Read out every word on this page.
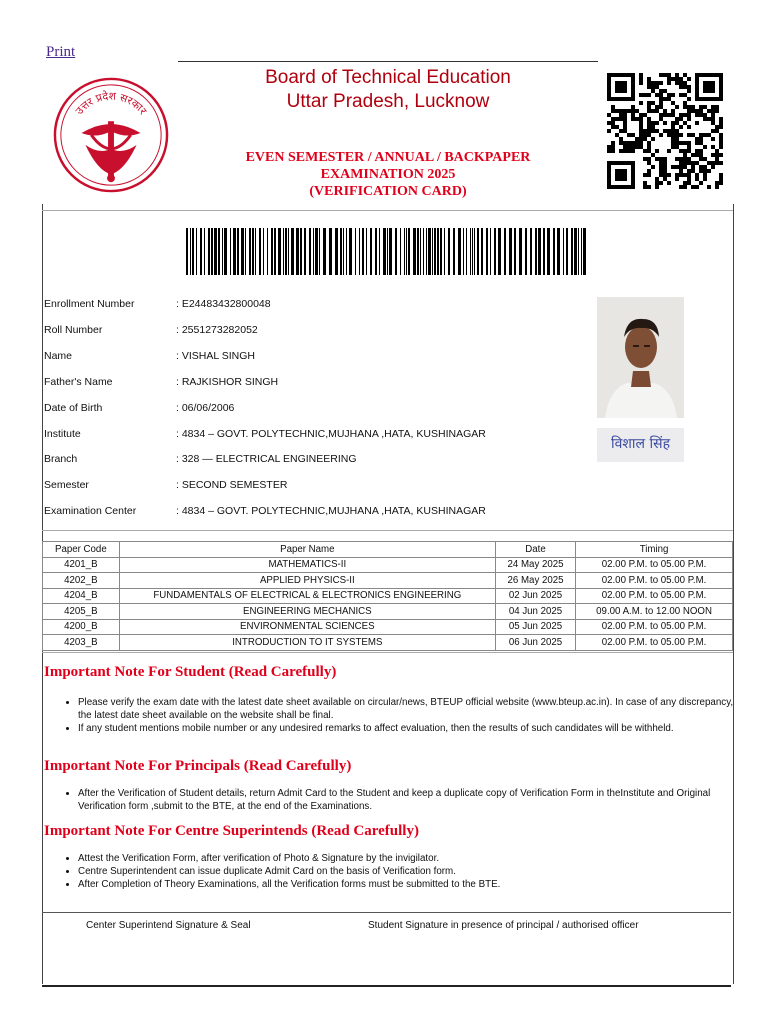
Print
उत्तर प्रदेश सरकार
Board of Technical Education
Uttar Pradesh, Lucknow
EVEN SEMESTER / ANNUAL / BACKPAPER
EXAMINATION 2025
(VERIFICATION CARD)
Enrollment Number	: E24483432800048
Roll Number	: 2551273282052
Name	: VISHAL SINGH
Father's Name	: RAJKISHOR SINGH
Date of Birth	: 06/06/2006
Institute	: 4834 – GOVT. POLYTECHNIC,MUJHANA ,HATA, KUSHINAGAR
Branch	: 328 — ELECTRICAL ENGINEERING
Semester	: SECOND SEMESTER
Examination Center	: 4834 – GOVT. POLYTECHNIC,MUJHANA ,HATA, KUSHINAGAR
विशाल सिंह
Paper Code	Paper Name	Date	Timing
4201_B	MATHEMATICS-II	24 May 2025	02.00 P.M. to 05.00 P.M.
4202_B	APPLIED PHYSICS-II	26 May 2025	02.00 P.M. to 05.00 P.M.
4204_B	FUNDAMENTALS OF ELECTRICAL & ELECTRONICS ENGINEERING	02 Jun 2025	02.00 P.M. to 05.00 P.M.
4205_B	ENGINEERING MECHANICS	04 Jun 2025	09.00 A.M. to 12.00 NOON
4200_B	ENVIRONMENTAL SCIENCES	05 Jun 2025	02.00 P.M. to 05.00 P.M.
4203_B	INTRODUCTION TO IT SYSTEMS	06 Jun 2025	02.00 P.M. to 05.00 P.M.
Important Note For Student (Read Carefully)
• Please verify the exam date with the latest date sheet available on circular/news, BTEUP official website (www.bteup.ac.in). In case of any discrepancy, the latest date sheet available on the website shall be final.
• If any student mentions mobile number or any undesired remarks to affect evaluation, then the results of such candidates will be withheld.
Important Note For Principals (Read Carefully)
• After the Verification of Student details, return Admit Card to the Student and keep a duplicate copy of Verification Form in theInstitute and Original Verification form ,submit to the BTE, at the end of the Examinations.
Important Note For Centre Superintends (Read Carefully)
• Attest the Verification Form, after verification of Photo & Signature by the invigilator.
• Centre Superintendent can issue duplicate Admit Card on the basis of Verification form.
• After Completion of Theory Examinations, all the Verification forms must be submitted to the BTE.
Center Superintend Signature & Seal	Student Signature in presence of principal / authorised officer
